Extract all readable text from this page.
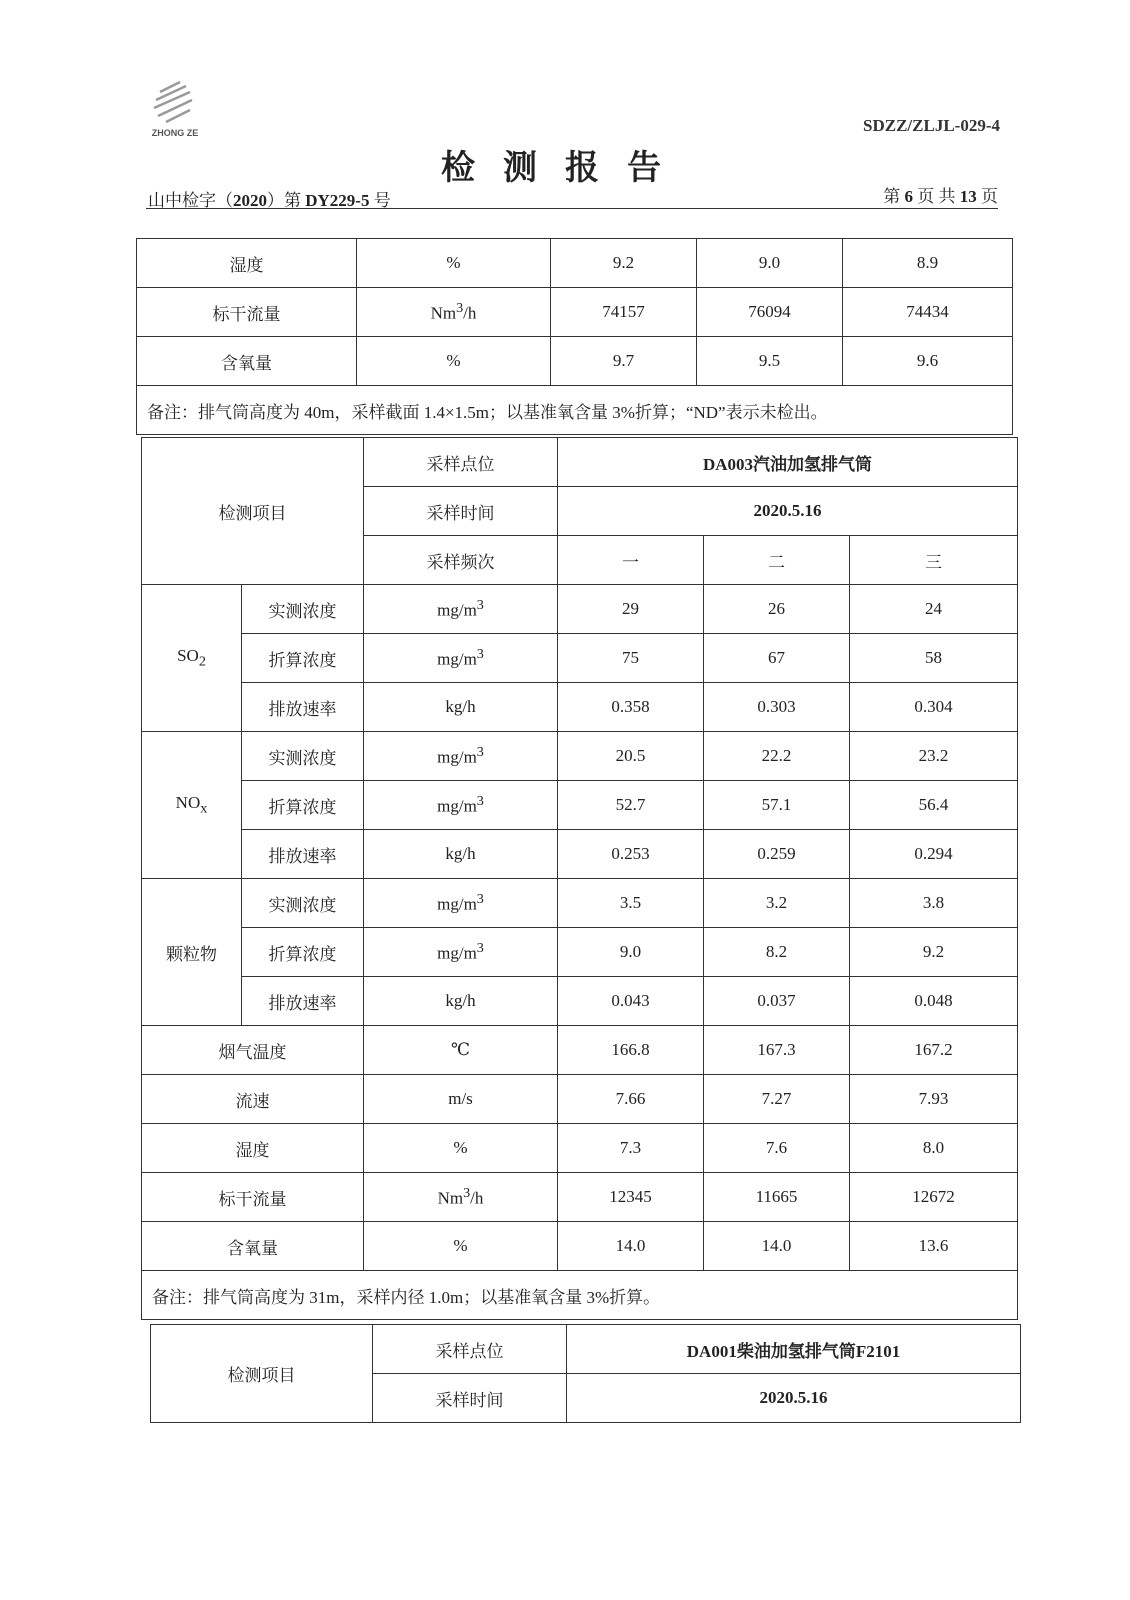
ZHONG ZE	SDZZ/ZLJL-029-4
检测报告
山中检字（2020）第 DY229-5 号	第 6 页 共 13 页
湿度	%	9.2	9.0	8.9
标干流量	Nm$^3$/h	74157	76094	74434
含氧量	%	9.7	9.5	9.6
备注：排气筒高度为 40m，采样截面 1.4×1.5m；以基准氧含量 3%折算；“ND”表示未检出。				
检测项目		采样点位	DA003汽油加氢排气筒		
		采样时间	2020.5.16		
		采样频次	一	二	三
$SO_2$	实测浓度	$mg/m^3$	29	26	24
	折算浓度	$mg/m^3$	75	67	58
	排放速率	kg/h	0.358	0.303	0.304
$NO_x$	实测浓度	$mg/m^3$	20.5	22.2	23.2
	折算浓度	$mg/m^3$	52.7	57.1	56.4
	排放速率	kg/h	0.253	0.259	0.294
颗粒物	实测浓度	$mg/m^3$	3.5	3.2	3.8
	折算浓度	$mg/m^3$	9.0	8.2	9.2
	排放速率	kg/h	0.043	0.037	0.048
烟气温度		℃	166.8	167.3	167.2
流速		m/s	7.66	7.27	7.93
湿度		%	7.3	7.6	8.0
标干流量		Nm$^3$/h	12345	11665	12672
含氧量		%	14.0	14.0	13.6
备注：排气筒高度为 31m，采样内径 1.0m；以基准氧含量 3%折算。					
检测项目	采样点位	DA001柴油加氢排气筒F2101
	采样时间	2020.5.16
